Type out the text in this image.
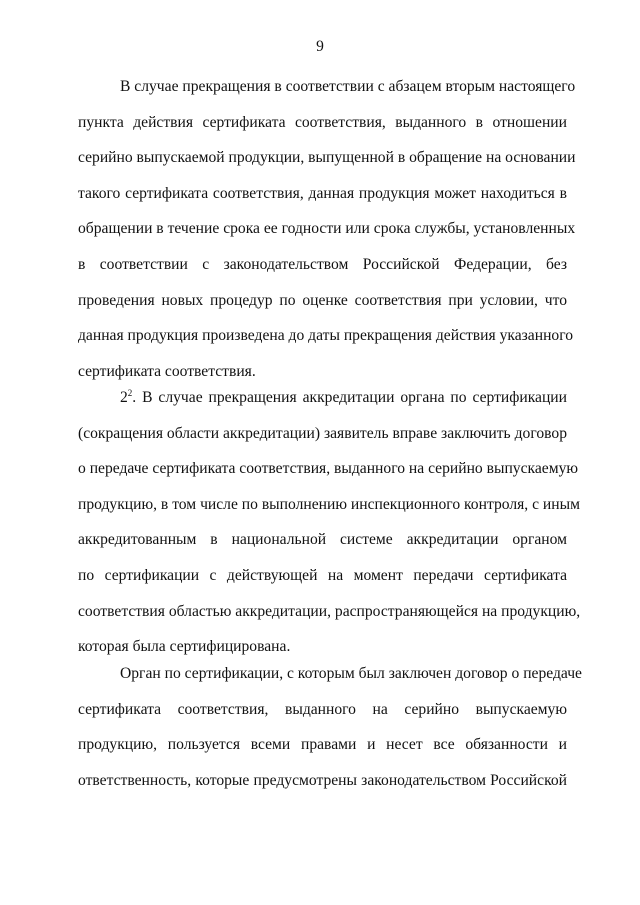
9
В случае прекращения в соответствии с абзацем вторым настоящего
пункта действия сертификата соответствия, выданного в отношении
серийно выпускаемой продукции, выпущенной в обращение на основании
такого сертификата соответствия, данная продукция может находиться в
обращении в течение срока ее годности или срока службы, установленных
в соответствии с законодательством Российской Федерации, без
проведения новых процедур по оценке соответствия при условии, что
данная продукция произведена до даты прекращения действия указанного
сертификата соответствия.
$2^2$. В случае прекращения аккредитации органа по сертификации
(сокращения области аккредитации) заявитель вправе заключить договор
о передаче сертификата соответствия, выданного на серийно выпускаемую
продукцию, в том числе по выполнению инспекционного контроля, с иным
аккредитованным в национальной системе аккредитации органом
по сертификации с действующей на момент передачи сертификата
соответствия областью аккредитации, распространяющейся на продукцию,
которая была сертифицирована.
Орган по сертификации, с которым был заключен договор о передаче
сертификата соответствия, выданного на серийно выпускаемую
продукцию, пользуется всеми правами и несет все обязанности и
ответственность, которые предусмотрены законодательством Российской
